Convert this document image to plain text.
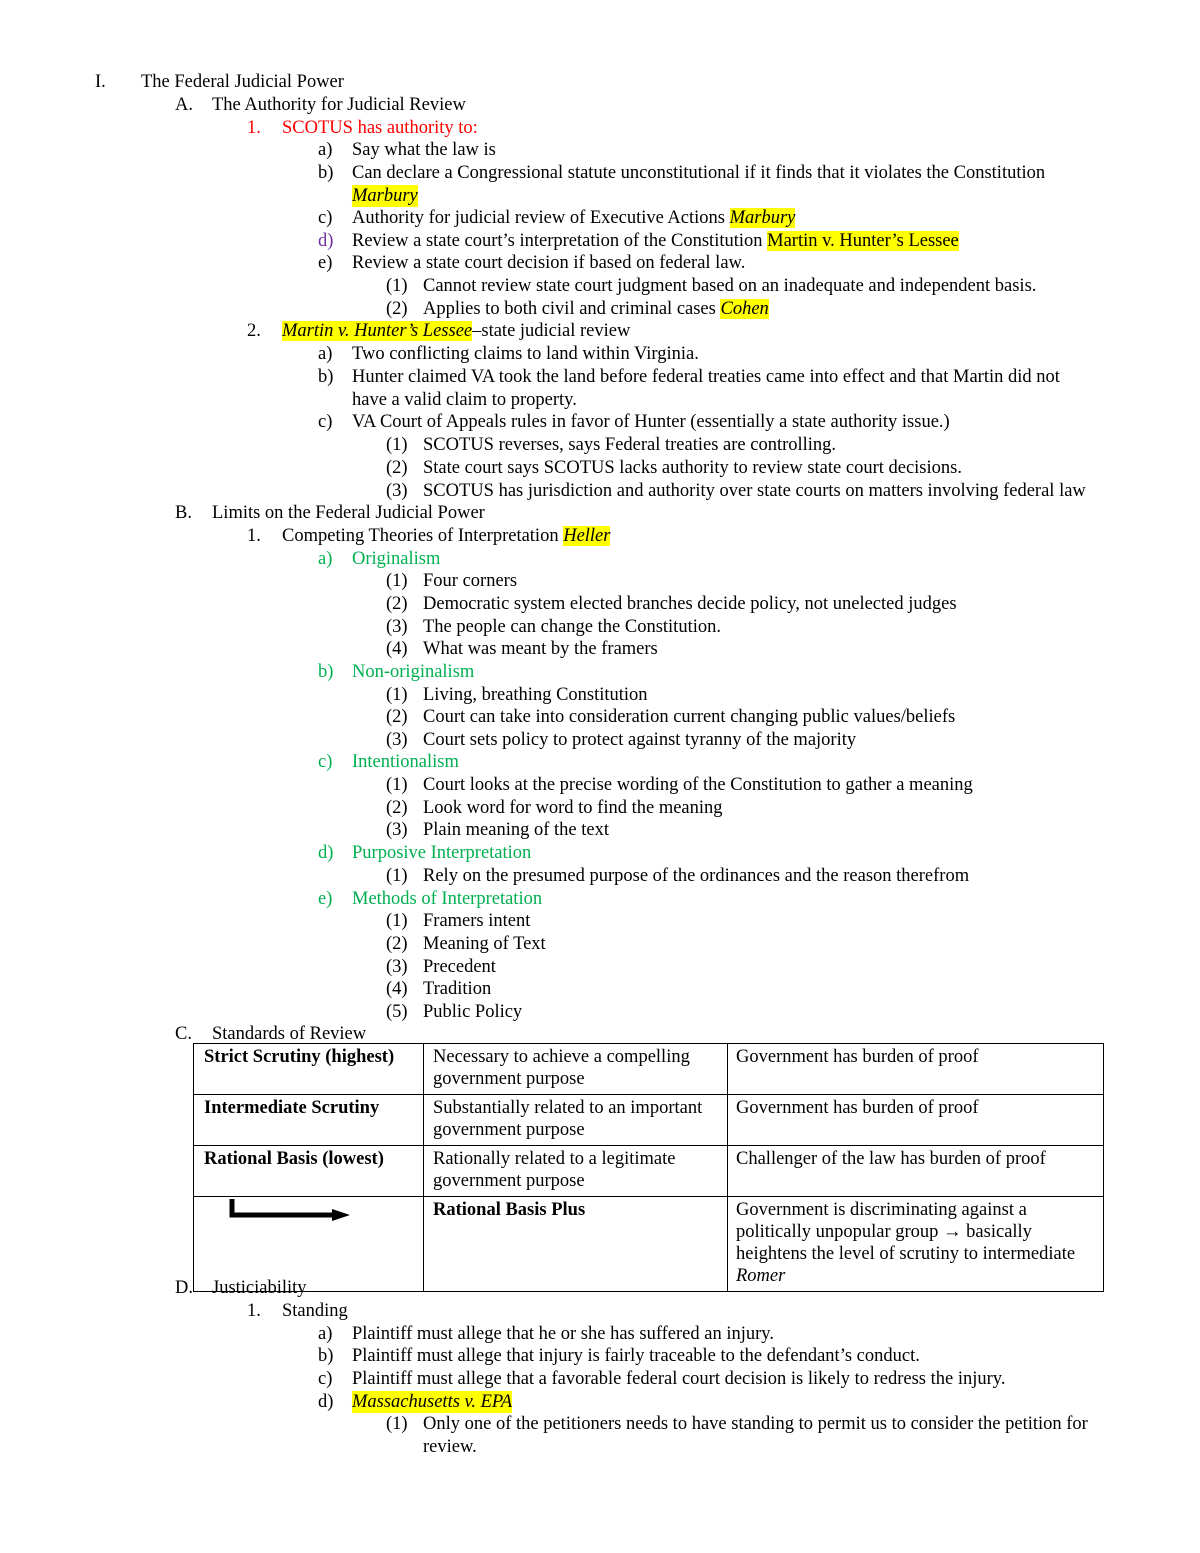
I. The Federal Judicial Power
A. The Authority for Judicial Review
1. SCOTUS has authority to:
a) Say what the law is
b) Can declare a Congressional statute unconstitutional if it finds that it violates the Constitution
Marbury
c) Authority for judicial review of Executive Actions Marbury
d) Review a state court’s interpretation of the Constitution Martin v. Hunter’s Lessee
e) Review a state court decision if based on federal law.
(1) Cannot review state court judgment based on an inadequate and independent basis.
(2) Applies to both civil and criminal cases Cohen
2. Martin v. Hunter’s Lessee–state judicial review
a) Two conflicting claims to land within Virginia.
b) Hunter claimed VA took the land before federal treaties came into effect and that Martin did not
have a valid claim to property.
c) VA Court of Appeals rules in favor of Hunter (essentially a state authority issue.)
(1) SCOTUS reverses, says Federal treaties are controlling.
(2) State court says SCOTUS lacks authority to review state court decisions.
(3) SCOTUS has jurisdiction and authority over state courts on matters involving federal law
B. Limits on the Federal Judicial Power
1. Competing Theories of Interpretation Heller
a) Originalism
(1) Four corners
(2) Democratic system elected branches decide policy, not unelected judges
(3) The people can change the Constitution.
(4) What was meant by the framers
b) Non-originalism
(1) Living, breathing Constitution
(2) Court can take into consideration current changing public values/beliefs
(3) Court sets policy to protect against tyranny of the majority
c) Intentionalism
(1) Court looks at the precise wording of the Constitution to gather a meaning
(2) Look word for word to find the meaning
(3) Plain meaning of the text
d) Purposive Interpretation
(1) Rely on the presumed purpose of the ordinances and the reason therefrom
e) Methods of Interpretation
(1) Framers intent
(2) Meaning of Text
(3) Precedent
(4) Tradition
(5) Public Policy
C. Standards of Review
Strict Scrutiny (highest)	Necessary to achieve a compelling government purpose	Government has burden of proof
Intermediate Scrutiny	Substantially related to an important government purpose	Government has burden of proof
Rational Basis (lowest)	Rationally related to a legitimate government purpose	Challenger of the law has burden of proof

	Rational Basis Plus	Government is discriminating against a politically unpopular group → basically heightens the level of scrutiny to intermediate Romer
D. Justiciability
1. Standing
a) Plaintiff must allege that he or she has suffered an injury.
b) Plaintiff must allege that injury is fairly traceable to the defendant’s conduct.
c) Plaintiff must allege that a favorable federal court decision is likely to redress the injury.
d) Massachusetts v. EPA
(1) Only one of the petitioners needs to have standing to permit us to consider the petition for
review.
